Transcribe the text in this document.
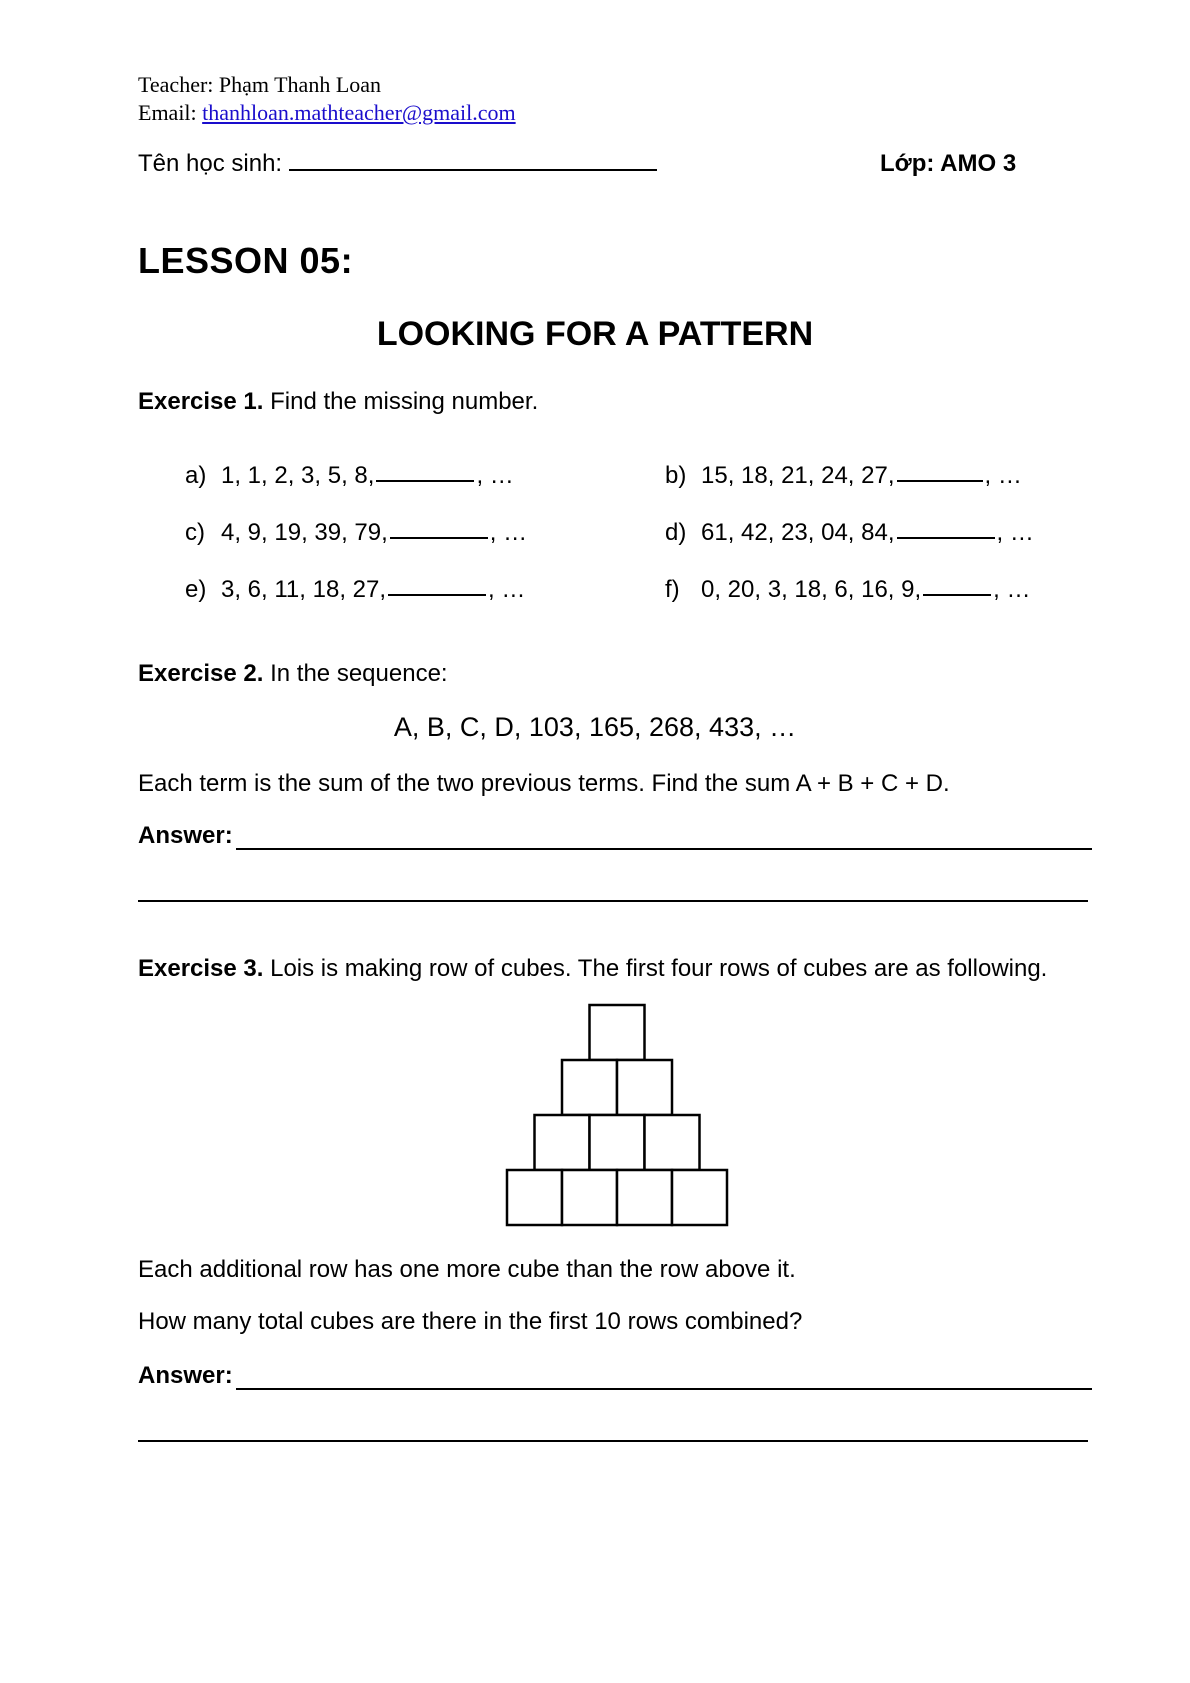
Teacher: Phạm Thanh Loan
Email: thanhloan.mathteacher@gmail.com
Tên học sinh:	Lớp: AMO 3
LESSON 05:
LOOKING FOR A PATTERN
Exercise 1. Find the missing number.
a) 1, 1, 2, 3, 5, 8,	, …	b) 15, 18, 21, 24, 27,	, …
c) 4, 9, 19, 39, 79,	, …	d) 61, 42, 23, 04, 84,	, …
e) 3, 6, 11, 18, 27,	, …	f) 0, 20, 3, 18, 6, 16, 9,	, …
Exercise 2. In the sequence:
A, B, C, D, 103, 165, 268, 433, …
Each term is the sum of the two previous terms. Find the sum A + B + C + D.
Answer:
Exercise 3. Lois is making row of cubes. The first four rows of cubes are as following.
Each additional row has one more cube than the row above it.
How many total cubes are there in the first 10 rows combined?
Answer:
